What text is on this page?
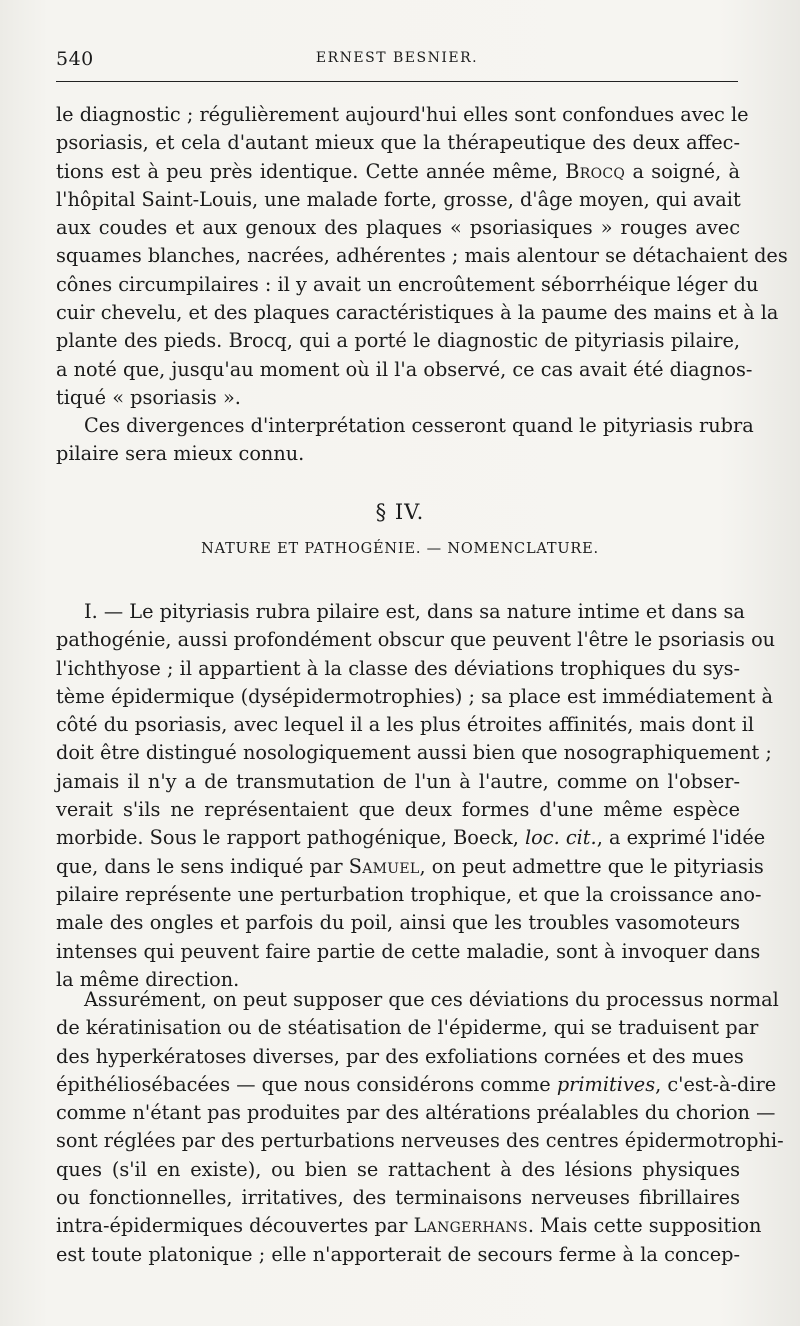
540	ERNEST BESNIER.
le diagnostic ; régulièrement aujourd'hui elles sont confondues avec le
psoriasis, et cela d'autant mieux que la thérapeutique des deux affec-
tions est à peu près identique. Cette année même, Brocq a soigné, à
l'hôpital Saint-Louis, une malade forte, grosse, d'âge moyen, qui avait
aux coudes et aux genoux des plaques « psoriasiques » rouges avec
squames blanches, nacrées, adhérentes ; mais alentour se détachaient des
cônes circumpilaires : il y avait un encroûtement séborrhéique léger du
cuir chevelu, et des plaques caractéristiques à la paume des mains et à la
plante des pieds. Brocq, qui a porté le diagnostic de pityriasis pilaire,
a noté que, jusqu'au moment où il l'a observé, ce cas avait été diagnos-
tiqué « psoriasis ».
Ces divergences d'interprétation cesseront quand le pityriasis rubra
pilaire sera mieux connu.
§ IV.
NATURE ET PATHOGÉNIE. — NOMENCLATURE.
I. — Le pityriasis rubra pilaire est, dans sa nature intime et dans sa
pathogénie, aussi profondément obscur que peuvent l'être le psoriasis ou
l'ichthyose ; il appartient à la classe des déviations trophiques du sys-
tème épidermique (dysépidermotrophies) ; sa place est immédiatement à
côté du psoriasis, avec lequel il a les plus étroites affinités, mais dont il
doit être distingué nosologiquement aussi bien que nosographiquement ;
jamais il n'y a de transmutation de l'un à l'autre, comme on l'obser-
verait s'ils ne représentaient que deux formes d'une même espèce
morbide. Sous le rapport pathogénique, Boeck, loc. cit., a exprimé l'idée
que, dans le sens indiqué par Samuel, on peut admettre que le pityriasis
pilaire représente une perturbation trophique, et que la croissance ano-
male des ongles et parfois du poil, ainsi que les troubles vasomoteurs
intenses qui peuvent faire partie de cette maladie, sont à invoquer dans
la même direction.
Assurément, on peut supposer que ces déviations du processus normal
de kératinisation ou de stéatisation de l'épiderme, qui se traduisent par
des hyperkératoses diverses, par des exfoliations cornées et des mues
épithéliosébacées — que nous considérons comme primitives, c'est-à-dire
comme n'étant pas produites par des altérations préalables du chorion —
sont réglées par des perturbations nerveuses des centres épidermotrophi-
ques (s'il en existe), ou bien se rattachent à des lésions physiques
ou fonctionnelles, irritatives, des terminaisons nerveuses fibrillaires
intra-épidermiques découvertes par Langerhans. Mais cette supposition
est toute platonique ; elle n'apporterait de secours ferme à la concep-
